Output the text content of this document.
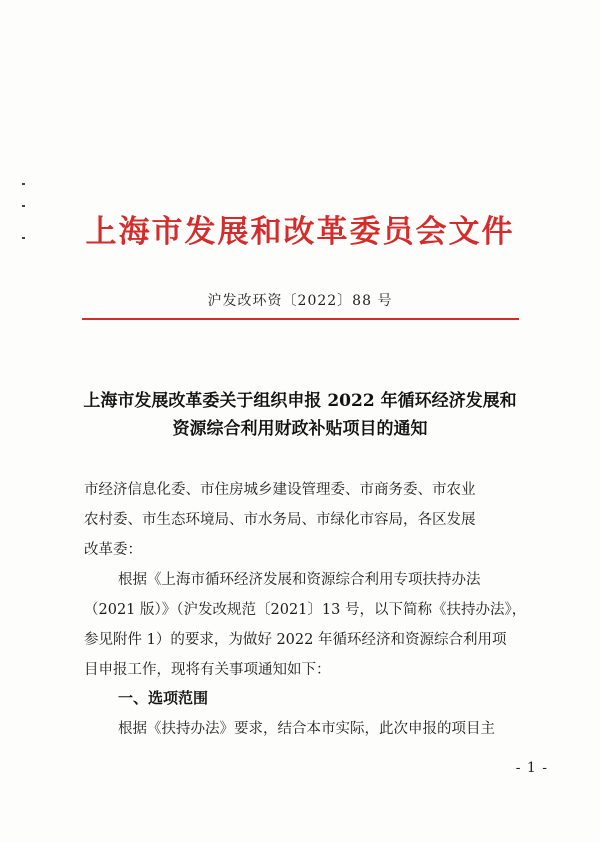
上海市发展和改革委员会文件
沪发改环资〔2022〕88 号
上海市发展改革委关于组织申报 2022 年循环经济发展和
资源综合利用财政补贴项目的通知
市经济信息化委、市住房城乡建设管理委、市商务委、市农业
农村委、市生态环境局、市水务局、市绿化市容局，各区发展
改革委：
根据《上海市循环经济发展和资源综合利用专项扶持办法
（2021 版）》（沪发改规范〔2021〕13 号，以下简称《扶持办法》，
参见附件 1）的要求，为做好 2022 年循环经济和资源综合利用项
目申报工作，现将有关事项通知如下：
一、选项范围
根据《扶持办法》要求，结合本市实际，此次申报的项目主
- 1 -
